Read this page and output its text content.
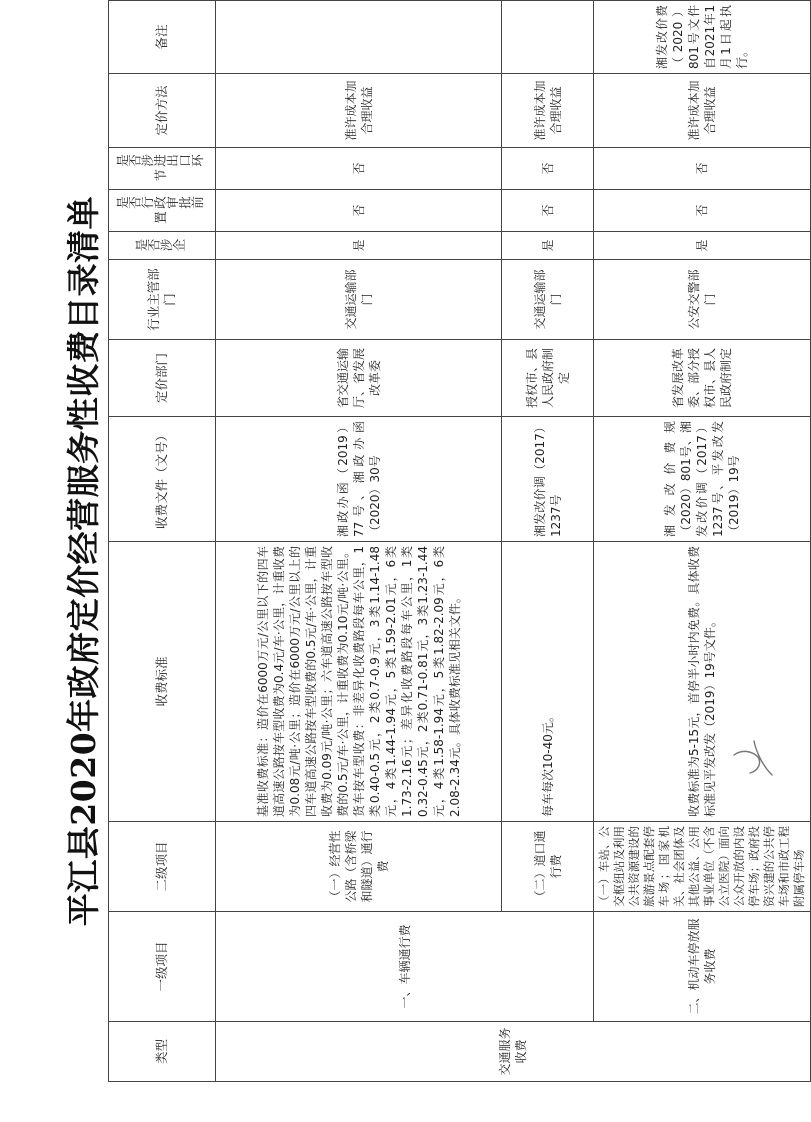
平江县2020年政府定价经营服务性收费目录清单
类型	一级项目	二级项目	收费标准	收费文件（文号）	定价部门	行业主管部门	是否涉企	是否行政审批前置	是否涉进出口环节	定价方法	备注
交通服务收费	一、车辆通行费	（一）经营性公路（含桥梁和隧道）通行费	基准收费标准：造价在6000万元/公里以下的四车道高速公路按车型收费为0.4元/车·公里，计重收费为0.08元/吨·公里；造价在6000万元/公里以上的四车道高速公路按车型收费的0.5元/车·公里，计重收费为0.09元/吨·公里；六车道高速公路按车型收费的0.5元/车·公里，计重收费为0.10元/吨·公里。货车按车型收费：非差异化收费路段每车公里，1类0.40-0.5元，2类0.7-0.9元，3类1.14-1.48元，4类1.44-1.94元，5类1.59-2.01元，6类1.73-2.16元；差异化收费路段每车公里，1类0.32-0.45元，2类0.71-0.81元，3类1.23-1.44元，4类1.58-1.94元，5类1.82-2.09元，6类2.08-2.34元。具体收费标准见相关文件。	湘政办函（2019）77号、湘政办函（2020）30号	省交通运输厅、省发展改革委	交通运输部门	是	否	否	准许成本加合理收益	
		（二）道口通行费	每车每次10-40元。	湘发改价调（2017）1237号	授权市、县人民政府制定	交通运输部门	是	否	否	准许成本加合理收益	
	二、机动车停放服务收费	（一）车站、公交枢纽站及利用公共资源建设的旅游景点配套停车场；国家机关、社会团体及其他公益、公用事业单位（不含公立医院）面向公众开放的内设停车场；政府投资兴建的公共停车场和市政工程附属停车场	收费标准为5-15元，首停半小时内免费。具体收费标准见平发改发（2019）19号文件。	湘发改价费规（2020）801号、湘发改价调（2017）1237号、平发改发（2019）19号	省发展改革委、部分授权市、县人民政府制定	公安交警部门	是	否	否	准许成本加合理收益	湘发改价费（2020）801号文件自2021年1月1日起执行。
